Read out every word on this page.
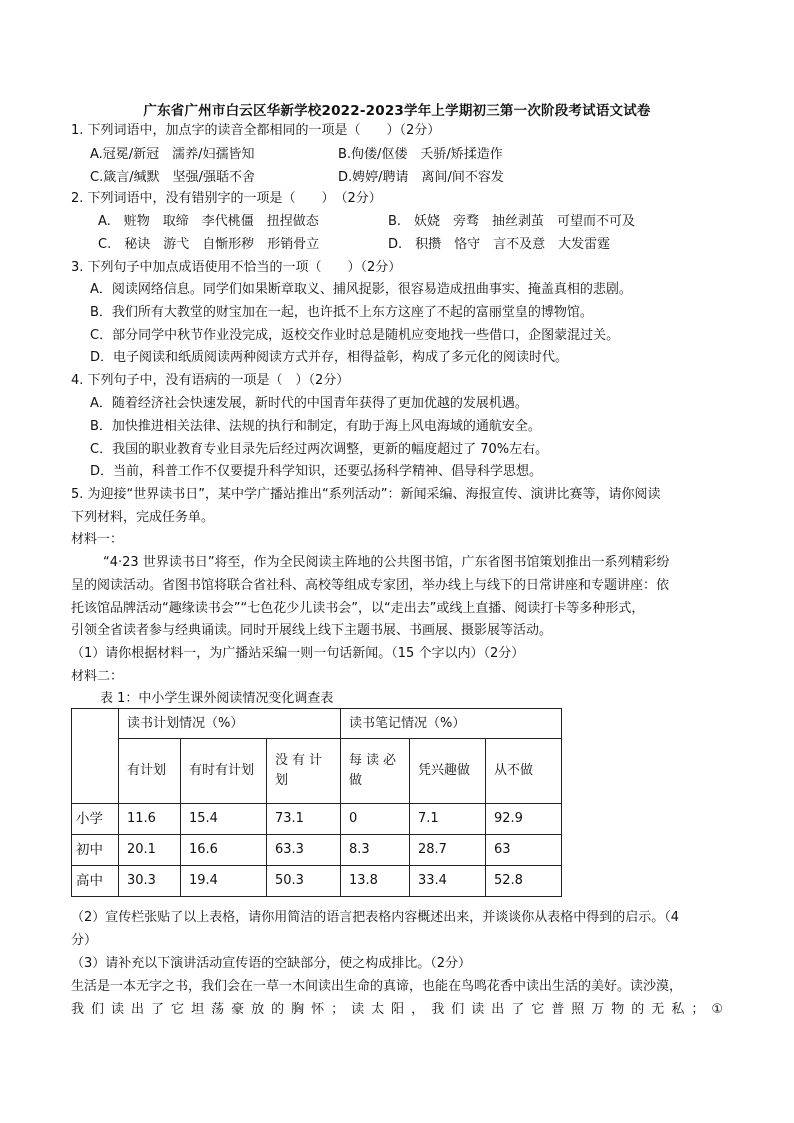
广东省广州市白云区华新学校2022-2023学年上学期初三第一次阶段考试语文试卷
1. 下列词语中，加点字的读音全都相同的一项是（　　）（2分）
A.冠冕/新冠　濡养/妇孺皆知	B.佝偻/伛偻　夭骄/矫揉造作
C.箴言/缄默　坚强/强聒不舍	D.娉婷/聘请　离间/间不容发
2. 下列词语中，没有错别字的一项是（　　）　（2分）
A.　赃物　取缔　李代桃僵　扭捏做态	B.　妖娆　旁骛　抽丝剥茧　可望而不可及
C.　秘诀　游弋　自惭形秽　形销骨立	D.　积攒　恪守　言不及意　大发雷霆
3. 下列句子中加点成语使用不恰当的一项（　　）（2分）
A．阅读网络信息。同学们如果断章取义、捕风捉影，很容易造成扭曲事实、掩盖真相的悲剧。
B．我们所有大教堂的财宝加在一起，也许抵不上东方这座了不起的富丽堂皇的博物馆。
C．部分同学中秋节作业没完成，返校交作业时总是随机应变地找一些借口，企图蒙混过关。
D．电子阅读和纸质阅读两种阅读方式并存，相得益彰，构成了多元化的阅读时代。
4. 下列句子中，没有语病的一项是（　）（2分）
A．随着经济社会快速发展，新时代的中国青年获得了更加优越的发展机遇。
B．加快推进相关法律、法规的执行和制定，有助于海上风电海域的通航安全。
C．我国的职业教育专业目录先后经过两次调整，更新的幅度超过了 70%左右。
D．当前，科普工作不仅要提升科学知识，还要弘扬科学精神、倡导科学思想。
5. 为迎接“世界读书日”，某中学广播站推出“系列活动”：新闻采编、海报宣传、演讲比赛等，请你阅读
下列材料，完成任务单。
材料一：
“4·23 世界读书日”将至，作为全民阅读主阵地的公共图书馆，广东省图书馆策划推出一系列精彩纷
呈的阅读活动。省图书馆将联合省社科、高校等组成专家团，举办线上与线下的日常讲座和专题讲座：依
托该馆品牌活动“趣缘读书会”“七色花少儿读书会”，以“走出去”或线上直播、阅读打卡等多种形式，
引领全省读者参与经典诵读。同时开展线上线下主题书展、书画展、摄影展等活动。
（1）请你根据材料一，为广播站采编一则一句话新闻。（15 个字以内）（2分）
材料二：
表 1：中小学生课外阅读情况变化调查表
	读书计划情况（%）			读书笔记情况（%）		
	有计划	有时有计划	没有计划	每读必做	凭兴趣做	从不做
小学	11.6	15.4	73.1	0	7.1	92.9
初中	20.1	16.6	63.3	8.3	28.7	63
高中	30.3	19.4	50.3	13.8	33.4	52.8
（2）宣传栏张贴了以上表格，请你用简洁的语言把表格内容概述出来，并谈谈你从表格中得到的启示。（4
分）
（3）请补充以下演讲活动宣传语的空缺部分，使之构成排比。（2分）
生活是一本无字之书，我们会在一草一木间读出生命的真谛，也能在鸟鸣花香中读出生活的美好。读沙漠，
我们读出了它坦荡豪放的胸怀；读太阳，我们读出了它普照万物的无私；①
